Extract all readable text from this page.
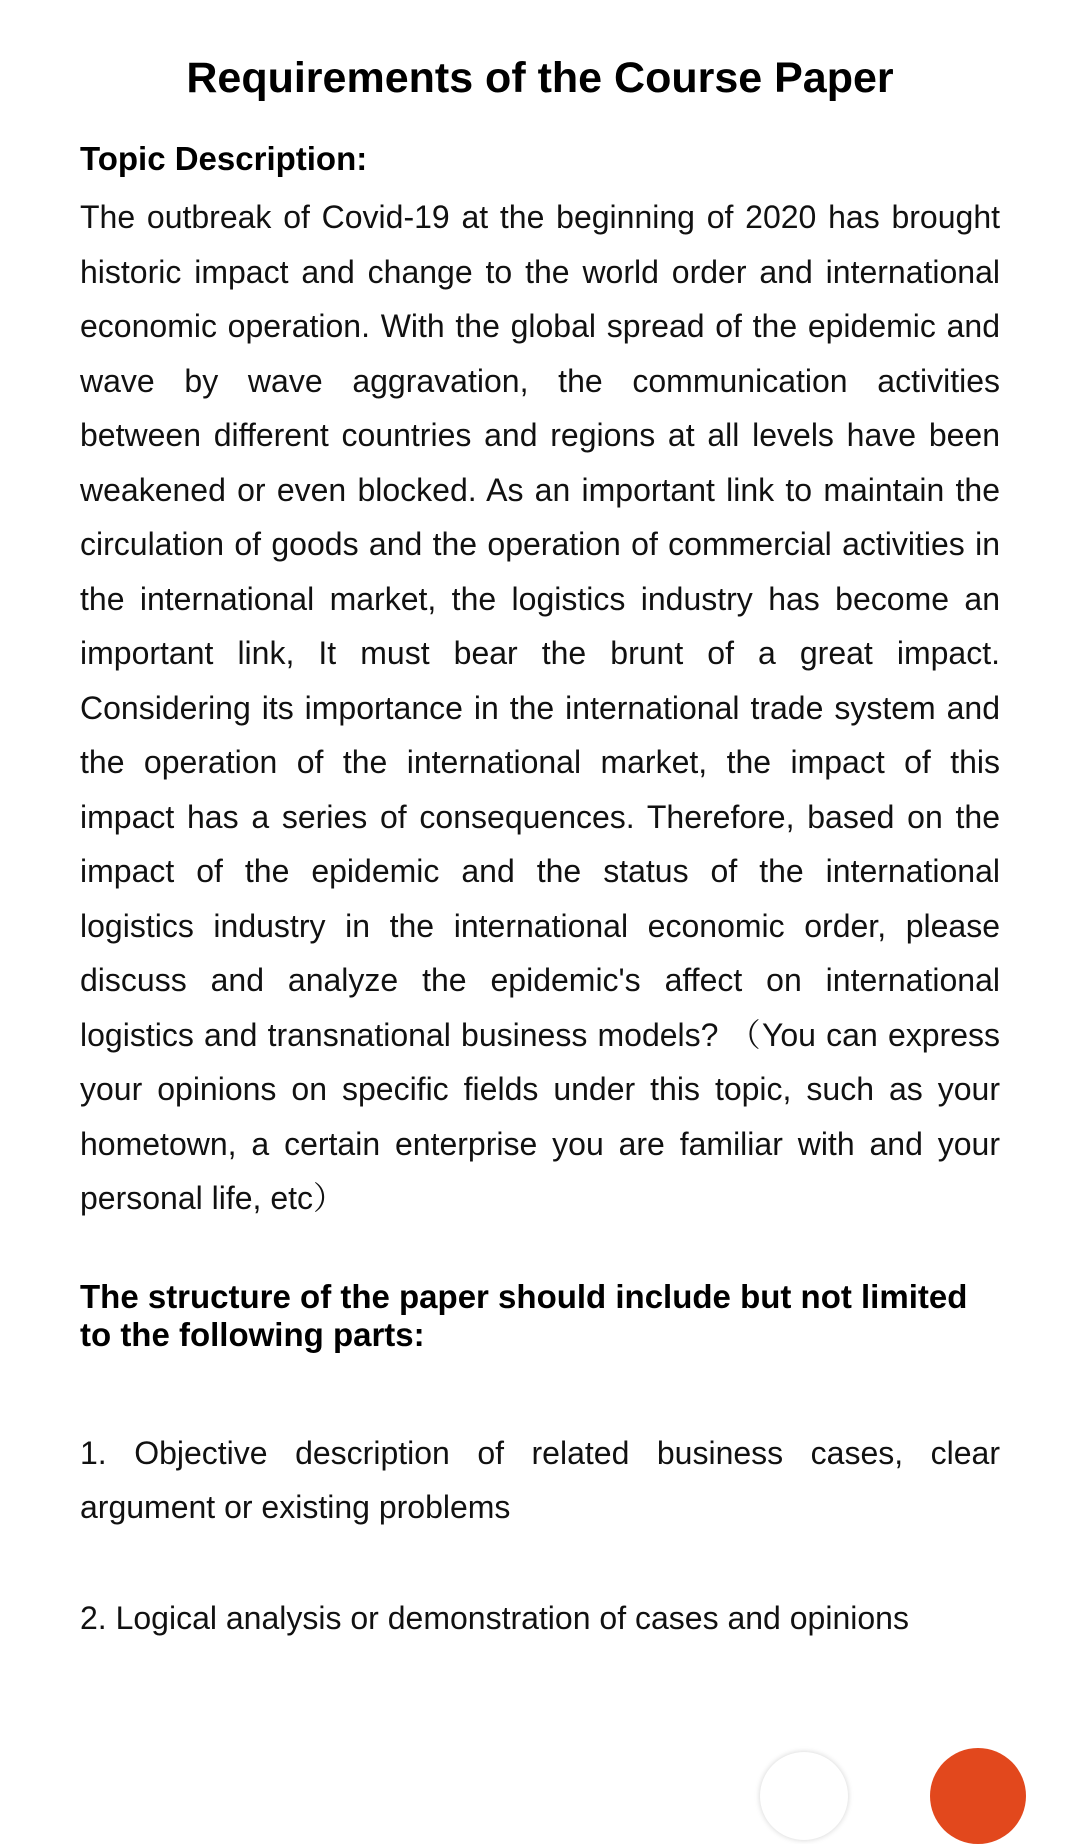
Requirements of the Course Paper
Topic Description:

The outbreak of Covid-19 at the beginning of 2020 has brought historic impact and change to the world order and international economic operation. With the global spread of the epidemic and wave by wave aggravation, the communication activities between different countries and regions at all levels have been weakened or even blocked. As an important link to maintain the circulation of goods and the operation of commercial activities in the international market, the logistics industry has become an important link, It must bear the brunt of a great impact. Considering its importance in the international trade system and the operation of the international market, the impact of this impact has a series of consequences. Therefore, based on the impact of the epidemic and the status of the international logistics industry in the international economic order, please discuss and analyze the epidemic's affect on international logistics and transnational business models? （You can express your opinions on specific fields under this topic, such as your hometown, a certain enterprise you are familiar with and your personal life, etc）

The structure of the paper should include but not limited to the following parts:
1. Objective description of related business cases, clear argument or existing problems
2. Logical analysis or demonstration of cases and opinions
